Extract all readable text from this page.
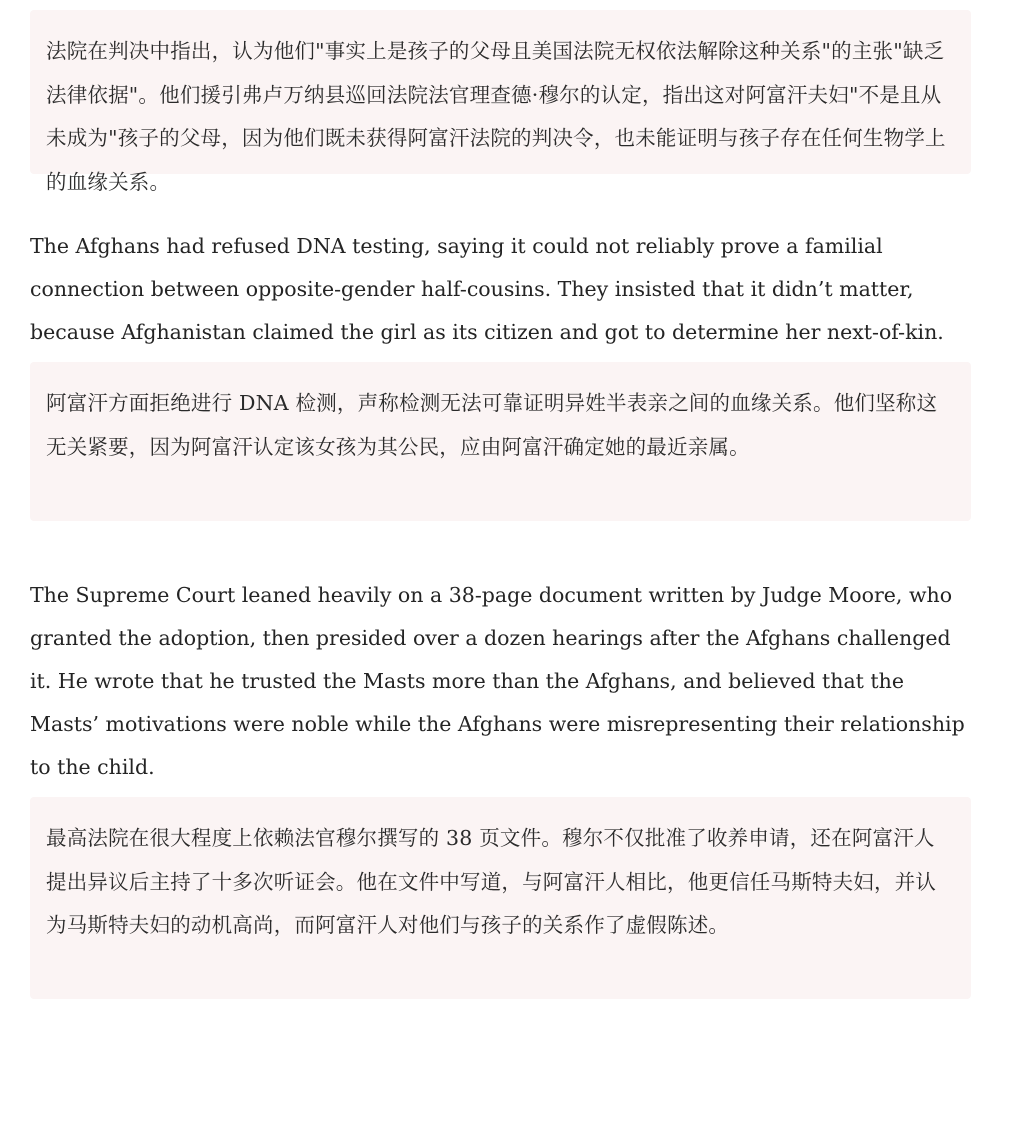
法院在判决中指出，认为他们"事实上是孩子的父母且美国法院无权依法解除这种关系"的主张"缺乏法律依据"。他们援引弗卢万纳县巡回法院法官理查德·穆尔的认定，指出这对阿富汗夫妇"不是且从未成为"孩子的父母，因为他们既未获得阿富汗法院的判决令，也未能证明与孩子存在任何生物学上的血缘关系。

The Afghans had refused DNA testing, saying it could not reliably prove a familial connection between opposite-gender half-cousins. They insisted that it didn’t matter, because Afghanistan claimed the girl as its citizen and got to determine her next-of-kin.

阿富汗方面拒绝进行 DNA 检测，声称检测无法可靠证明异姓半表亲之间的血缘关系。他们坚称这无关紧要，因为阿富汗认定该女孩为其公民，应由阿富汗确定她的最近亲属。

The Supreme Court leaned heavily on a 38-page document written by Judge Moore, who granted the adoption, then presided over a dozen hearings after the Afghans challenged it. He wrote that he trusted the Masts more than the Afghans, and believed that the Masts’ motivations were noble while the Afghans were misrepresenting their relationship to the child.

最高法院在很大程度上依赖法官穆尔撰写的 38 页文件。穆尔不仅批准了收养申请，还在阿富汗人提出异议后主持了十多次听证会。他在文件中写道，与阿富汗人相比，他更信任马斯特夫妇，并认为马斯特夫妇的动机高尚，而阿富汗人对他们与孩子的关系作了虚假陈述。
